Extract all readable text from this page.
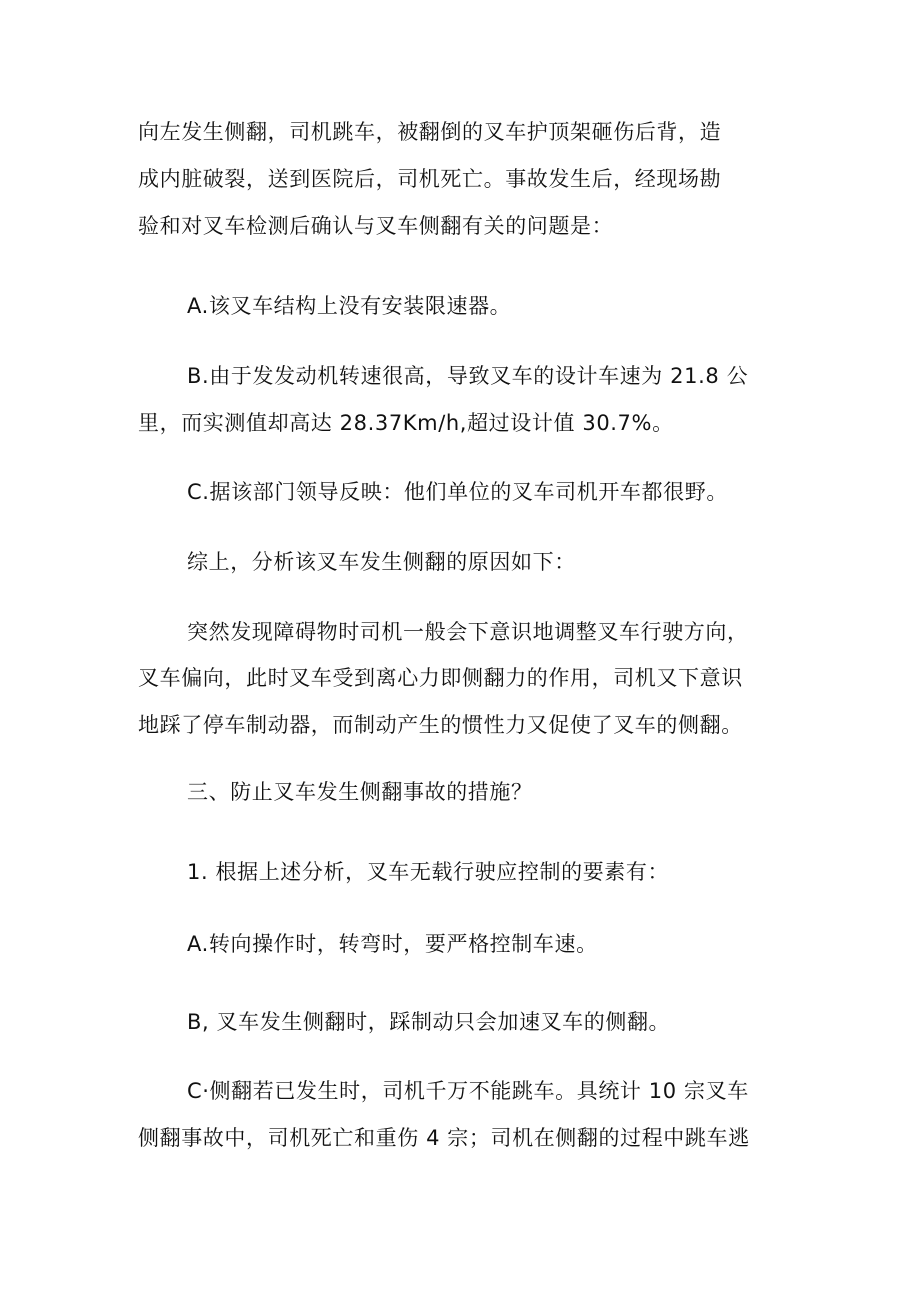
向左发生侧翻，司机跳车，被翻倒的叉车护顶架砸伤后背，造
成内脏破裂，送到医院后，司机死亡。事故发生后，经现场勘
验和对叉车检测后确认与叉车侧翻有关的问题是：
A.该叉车结构上没有安装限速器。
B.由于发发动机转速很高，导致叉车的设计车速为 21.8 公
里，而实测值却高达 28.37Km∕h,超过设计值 30.7%。
C.据该部门领导反映：他们单位的叉车司机开车都很野。
综上，分析该叉车发生侧翻的原因如下：
突然发现障碍物时司机一般会下意识地调整叉车行驶方向，
叉车偏向，此时叉车受到离心力即侧翻力的作用，司机又下意识
地踩了停车制动器，而制动产生的惯性力又促使了叉车的侧翻。
三、防止叉车发生侧翻事故的措施？
1. 根据上述分析，叉车无载行驶应控制的要素有：
A.转向操作时，转弯时，要严格控制车速。
B, 叉车发生侧翻时，踩制动只会加速叉车的侧翻。
C·侧翻若已发生时，司机千万不能跳车。具统计 10 宗叉车
侧翻事故中，司机死亡和重伤 4 宗；司机在侧翻的过程中跳车逃
